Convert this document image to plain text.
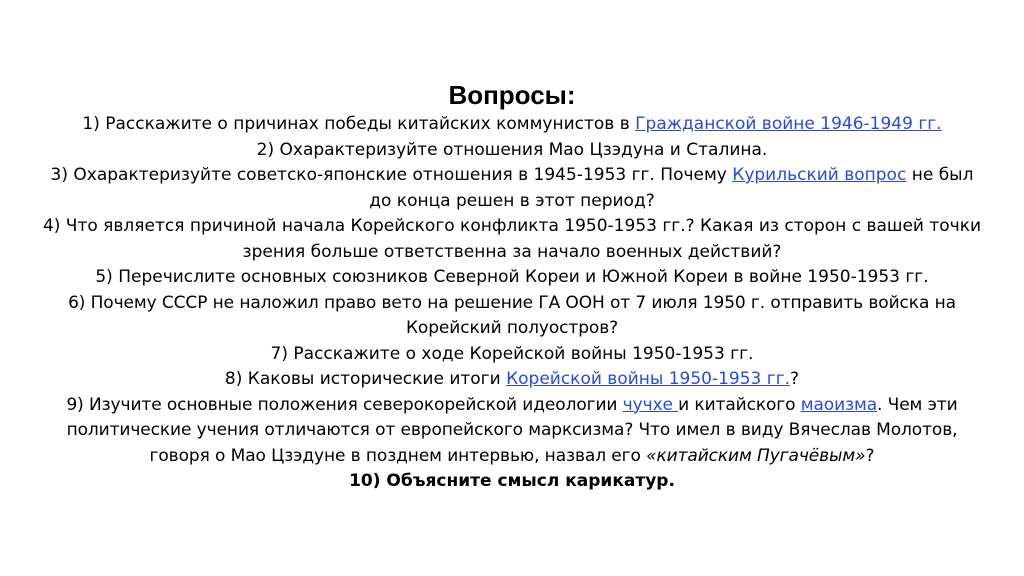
Вопросы:

1) Расскажите о причинах победы китайских коммунистов в Гражданской войне 1946-1949 гг.

2) Охарактеризуйте отношения Мао Цзэдуна и Сталина.

3) Охарактеризуйте советско-японские отношения в 1945-1953 гг. Почему Курильский вопрос не был
до конца решен в этот период?

4) Что является причиной начала Корейского конфликта 1950-1953 гг.? Какая из сторон с вашей точки
зрения больше ответственна за начало военных действий?

5) Перечислите основных союзников Северной Кореи и Южной Кореи в войне 1950-1953 гг.

6) Почему СССР не наложил право вето на решение ГА ООН от 7 июля 1950 г. отправить войска на
Корейский полуостров?

7) Расскажите о ходе Корейской войны 1950-1953 гг.

8) Каковы исторические итоги Корейской войны 1950-1953 гг.?

9) Изучите основные положения северокорейской идеологии чучхе и китайского маоизма. Чем эти
политические учения отличаются от европейского марксизма? Что имел в виду Вячеслав Молотов,
говоря о Мао Цзэдуне в позднем интервью, назвал его «китайским Пугачёвым»?

10) Объясните смысл карикатур.
